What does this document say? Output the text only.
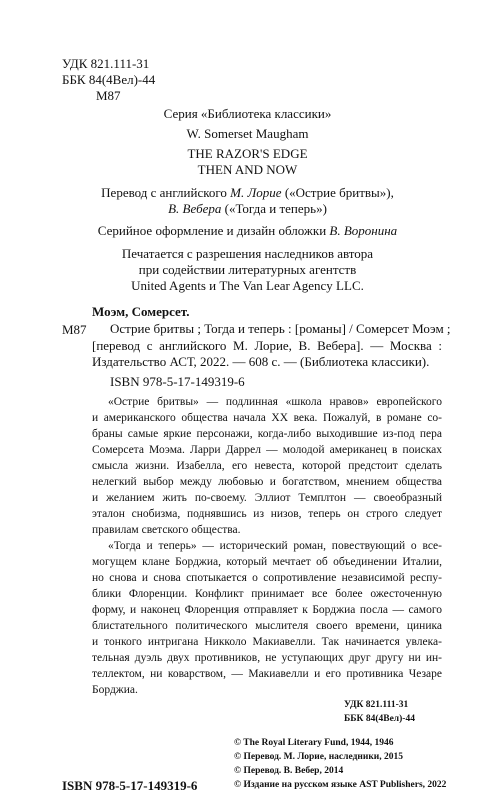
УДК 821.111-31
ББК 84(4Вел)-44
М87
Серия «Библиотека классики»
W. Somerset Maugham
THE RAZOR'S EDGE
THEN AND NOW
Перевод с английского М. Лорие («Острие бритвы»),
В. Вебера («Тогда и теперь»)
Серийное оформление и дизайн обложки В. Воронина
Печатается с разрешения наследников автора
при содействии литературных агентств
United Agents и The Van Lear Agency LLC.
Моэм, Сомерсет.
М87	Острие бритвы ; Тогда и теперь : [романы] / Сомерсет Моэм ;
[перевод с английского М. Лорие, В. Вебера]. — Москва :
Издательство АСТ, 2022. — 608 с. — (Библиотека классики).
ISBN 978-5-17-149319-6
«Острие бритвы» — подлинная «школа нравов» европейского
и американского общества начала XX века. Пожалуй, в романе со-
браны самые яркие персонажи, когда-либо выходившие из-под пера
Сомерсета Моэма. Ларри Даррел — молодой американец в поисках
смысла жизни. Изабелла, его невеста, которой предстоит сделать
нелегкий выбор между любовью и богатством, мнением общества
и желанием жить по-своему. Эллиот Темплтон — своеобразный
эталон снобизма, поднявшись из низов, теперь он строго следует
правилам светского общества.
«Тогда и теперь» — исторический роман, повествующий о все-
могущем клане Борджиа, который мечтает об объединении Италии,
но снова и снова спотыкается о сопротивление независимой респу-
блики Флоренции. Конфликт принимает все более ожесточенную
форму, и наконец Флоренция отправляет к Борджиа посла — самого
блистательного политического мыслителя своего времени, циника
и тонкого интригана Никколо Макиавелли. Так начинается увлека-
тельная дуэль двух противников, не уступающих друг другу ни ин-
теллектом, ни коварством, — Макиавелли и его противника Чезаре
Борджиа.
УДК 821.111-31
ББК 84(4Вел)-44
© The Royal Literary Fund, 1944, 1946
© Перевод. М. Лорие, наследники, 2015
© Перевод. В. Вебер, 2014
© Издание на русском языке AST Publishers, 2022
ISBN 978-5-17-149319-6
